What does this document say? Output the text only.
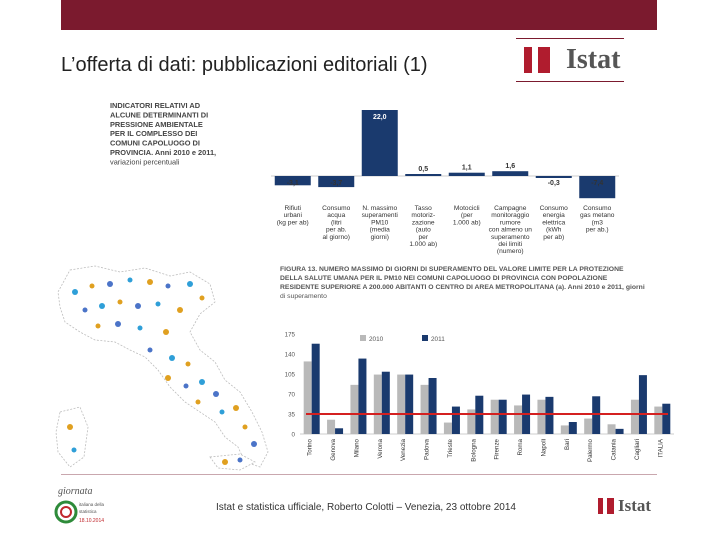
L’offerta di dati: pubblicazioni editoriali (1)	Istat
INDICATORI RELATIVI AD
ALCUNE DETERMINANTI DI
PRESSIONE AMBIENTALE
PER IL COMPLESSO DEI
COMUNI CAPOLUOGO DI
PROVINCIA. Anni 2010 e 2011,
variazioni percentuali
-3,1
Rifiuti
urbani
(kg per ab)
-3,7
Consumo
acqua
(litri
per ab.
al giorno)
22,0
N. massimo
superamenti
PM10
(media
giorni)
0,5
Tasso
motoriz-
zazione
(auto
per
1.000 ab)
1,1
Motocicli
(per
1.000 ab)
1,6
Campagne
monitoraggio
rumore
con almeno un
superamento
dei limiti
(numero)
-0,3
Consumo
energia
elettrica
(kWh
per ab)
-7,4
Consumo
gas metano
(m3
per ab.)
FIGURA 13. NUMERO MASSIMO DI GIORNI DI SUPERAMENTO DEL VALORE LIMITE PER LA PROTEZIONE
DELLA SALUTE UMANA PER IL PM10 NEI COMUNI CAPOLUOGO DI PROVINCIA CON POPOLAZIONE
RESIDENTE SUPERIORE A 200.000 ABITANTI O CENTRO DI AREA METROPOLITANA (a). Anni 2010 e 2011, giorni
di superamento
0
35
70
105
140
175
2010	2011
Torino	Genova	Milano	Verona	Venezia	Padova	Trieste	Bologna	Firenze	Roma	Napoli	Bari	Palermo	Catania	Cagliari	ITALIA
giornata
italiana della
statistica
18.10.2014
Istat e statistica ufficiale, Roberto Colotti – Venezia, 23 ottobre 2014	Istat
